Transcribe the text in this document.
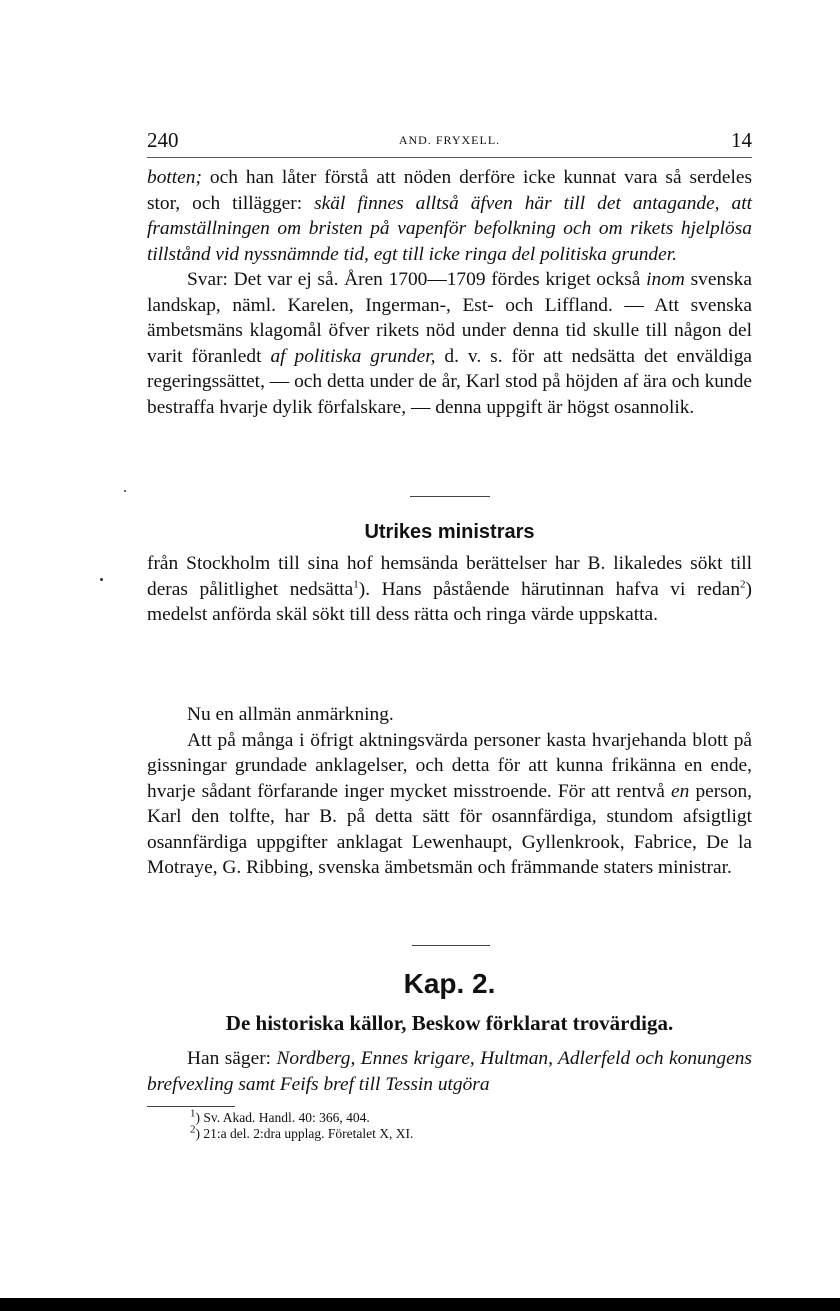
240	AND. FRYXELL.	14

botten; och han låter förstå att nöden derföre icke kunnat vara så serdeles stor, och tillägger: skäl finnes alltså äfven här till det antagande, att framställningen om bristen på vapenför befolkning och om rikets hjelplösa tillstånd vid nyssnämnde tid, egt till icke ringa del politiska grunder.

Svar: Det var ej så. Åren 1700—1709 fördes kriget också inom svenska landskap, näml. Karelen, Ingerman-, Est- och Liffland. — Att svenska ämbetsmäns klagomål öfver rikets nöd under denna tid skulle till någon del varit föranledt af politiska grunder, d. v. s. för att nedsätta det enväldiga regeringssättet, — och detta under de år, Karl stod på höjden af ära och kunde bestraffa hvarje dylik förfalskare, — denna uppgift är högst osannolik.

Utrikes ministrars

från Stockholm till sina hof hemsända berättelser har B. likaledes sökt till deras pålitlighet nedsätta$^1$). Hans påstående härutinnan hafva vi redan$^2$) medelst anförda skäl sökt till dess rätta och ringa värde uppskatta.

Nu en allmän anmärkning.

Att på många i öfrigt aktningsvärda personer kasta hvarjehanda blott på gissningar grundade anklagelser, och detta för att kunna frikänna en ende, hvarje sådant förfarande inger mycket misstroende. För att rentvå en person, Karl den tolfte, har B. på detta sätt för osannfärdiga, stundom afsigtligt osannfärdiga uppgifter anklagat Lewenhaupt, Gyllenkrook, Fabrice, De la Motraye, G. Ribbing, svenska ämbetsmän och främmande staters ministrar.

Kap. 2.
De historiska källor, Beskow förklarat trovärdiga.

Han säger: Nordberg, Ennes krigare, Hultman, Adlerfeld och konungens brefvexling samt Feifs bref till Tessin utgöra

$^1$) Sv. Akad. Handl. 40: 366, 404.
$^2$) 21:a del. 2:dra upplag. Företalet X, XI.
